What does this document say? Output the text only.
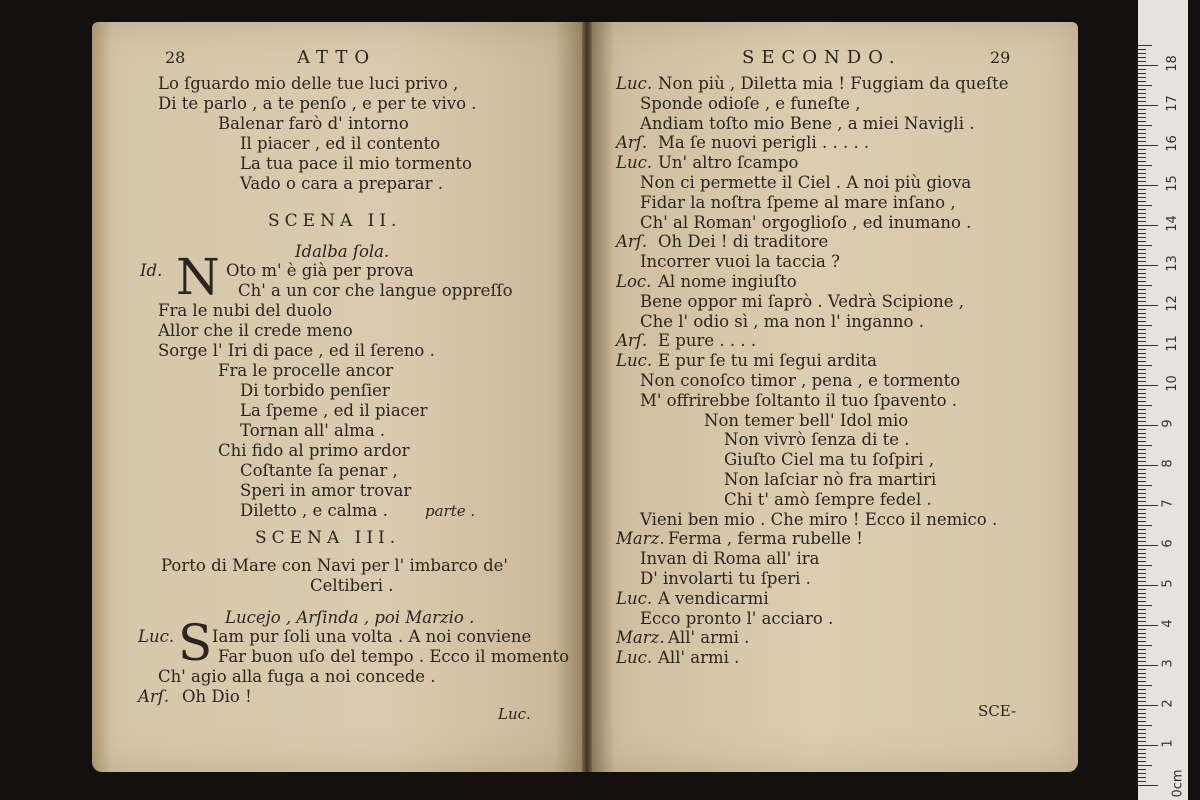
28	ATTO
Lo ſguardo mio delle tue luci privo ,
Di te parlo , a te penſo , e per te vivo .
Balenar farò d' intorno
Il piacer , ed il contento
La tua pace il mio tormento
Vado o cara a preparar .
SCENA II.
Idalba ſola.
Id. N Oto m' è già per prova
Ch' a un cor che langue oppreſſo
Fra le nubi del duolo
Allor che il crede meno
Sorge l' Iri di pace , ed il ſereno .
Fra le procelle ancor
Di torbido penſier
La ſpeme , ed il piacer
Tornan all' alma .
Chi fido al primo ardor
Coſtante ſa penar ,
Speri in amor trovar
Diletto , e calma . parte .
SCENA III.
Porto di Mare con Navi per l' imbarco de'
Celtiberi .
Lucejo , Arſinda , poi Marzio .
Luc. S Iam pur ſoli una volta . A noi conviene
Far buon uſo del tempo . Ecco il momento
Ch' agio alla fuga a noi concede .
Arſ. Oh Dio !
Luc.
SECONDO.	29
Luc. Non più , Diletta mia ! Fuggiam da queſte
Sponde odioſe , e funeſte ,
Andiam toſto mio Bene , a miei Navigli .
Arſ. Ma ſe nuovi perigli . . . . .
Luc. Un' altro ſcampo
Non ci permette il Ciel . A noi più giova
Fidar la noſtra ſpeme al mare inſano ,
Ch' al Roman' orgoglioſo , ed inumano .
Arſ. Oh Dei ! di traditore
Incorrer vuoi la taccia ?
Loc. Al nome ingiuſto
Bene oppor mi ſaprò . Vedrà Scipione ,
Che l' odio sì , ma non l' inganno .
Arſ. E pure . . . .
Luc. E pur ſe tu mi ſegui ardita
Non conoſco timor , pena , e tormento
M' offrirebbe ſoltanto il tuo ſpavento .
Non temer bell' Idol mio
Non vivrò ſenza di te .
Giuſto Ciel ma tu ſoſpiri ,
Non laſciar nò fra martiri
Chi t' amò ſempre fedel .
Vieni ben mio . Che miro ! Ecco il nemico .
Marz. Ferma , ferma rubelle !
Invan di Roma all' ira
D' involarti tu ſperi .
Luc. A vendicarmi
Ecco pronto l' acciaro .
Marz. All' armi .
Luc. All' armi .
SCE-
0cm
1
2
3
4
5
6
7
8
9
10
11
12
13
14
15
16
17
18
